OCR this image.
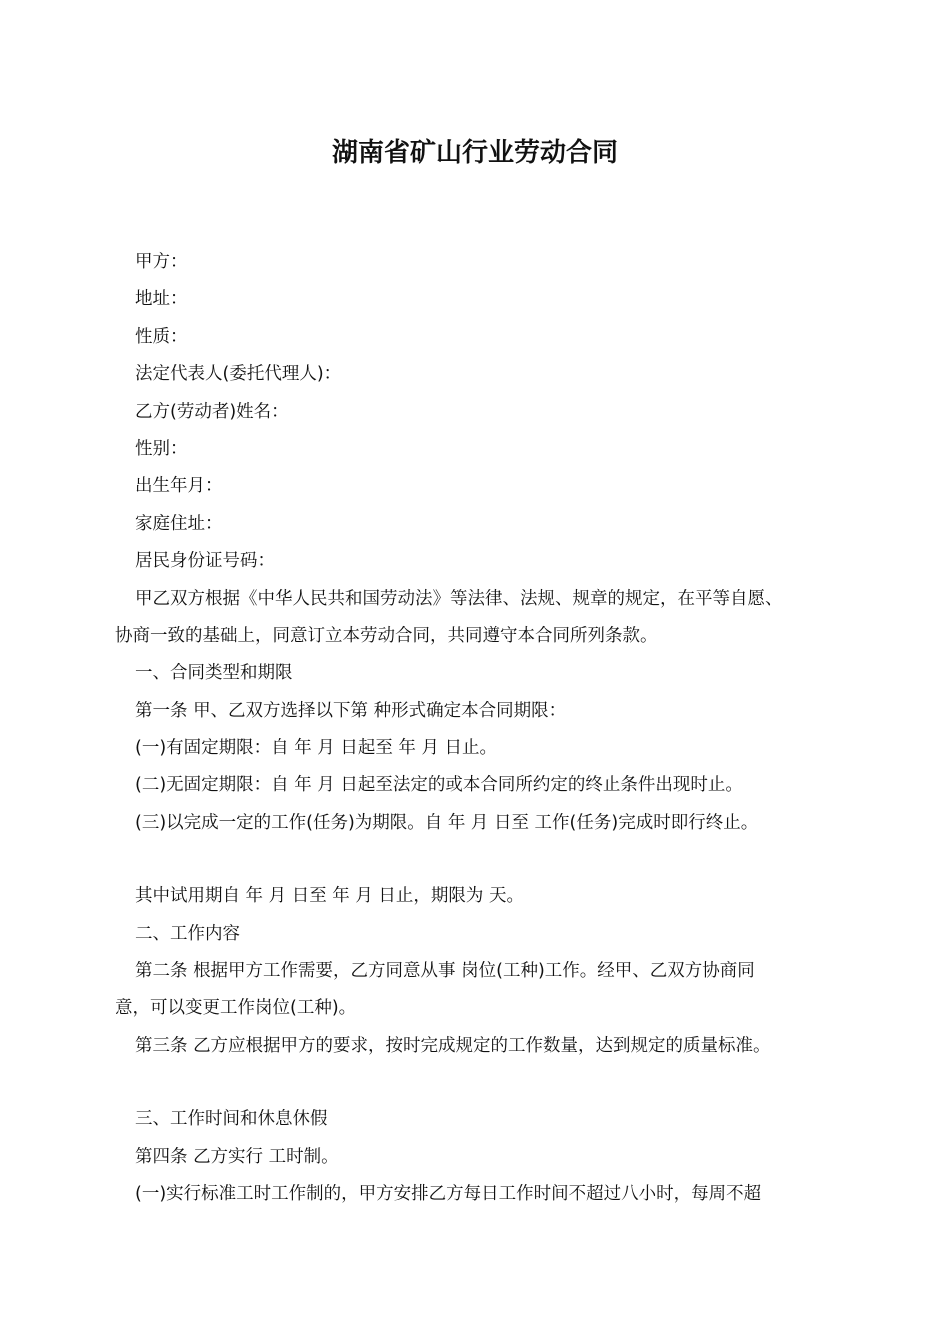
湖南省矿山行业劳动合同
甲方：
地址：
性质：
法定代表人(委托代理人)：
乙方(劳动者)姓名：
性别：
出生年月：
家庭住址：
居民身份证号码：
甲乙双方根据《中华人民共和国劳动法》等法律、法规、规章的规定，在平等自愿、
协商一致的基础上，同意订立本劳动合同，共同遵守本合同所列条款。
一、合同类型和期限
第一条 甲、乙双方选择以下第 种形式确定本合同期限：
(一)有固定期限：自 年 月 日起至 年 月 日止。
(二)无固定期限：自 年 月 日起至法定的或本合同所约定的终止条件出现时止。
(三)以完成一定的工作(任务)为期限。自 年 月 日至 工作(任务)完成时即行终止。
其中试用期自 年 月 日至 年 月 日止，期限为 天。
二、工作内容
第二条 根据甲方工作需要，乙方同意从事 岗位(工种)工作。经甲、乙双方协商同
意，可以变更工作岗位(工种)。
第三条 乙方应根据甲方的要求，按时完成规定的工作数量，达到规定的质量标准。
三、工作时间和休息休假
第四条 乙方实行 工时制。
(一)实行标准工时工作制的，甲方安排乙方每日工作时间不超过八小时，每周不超
